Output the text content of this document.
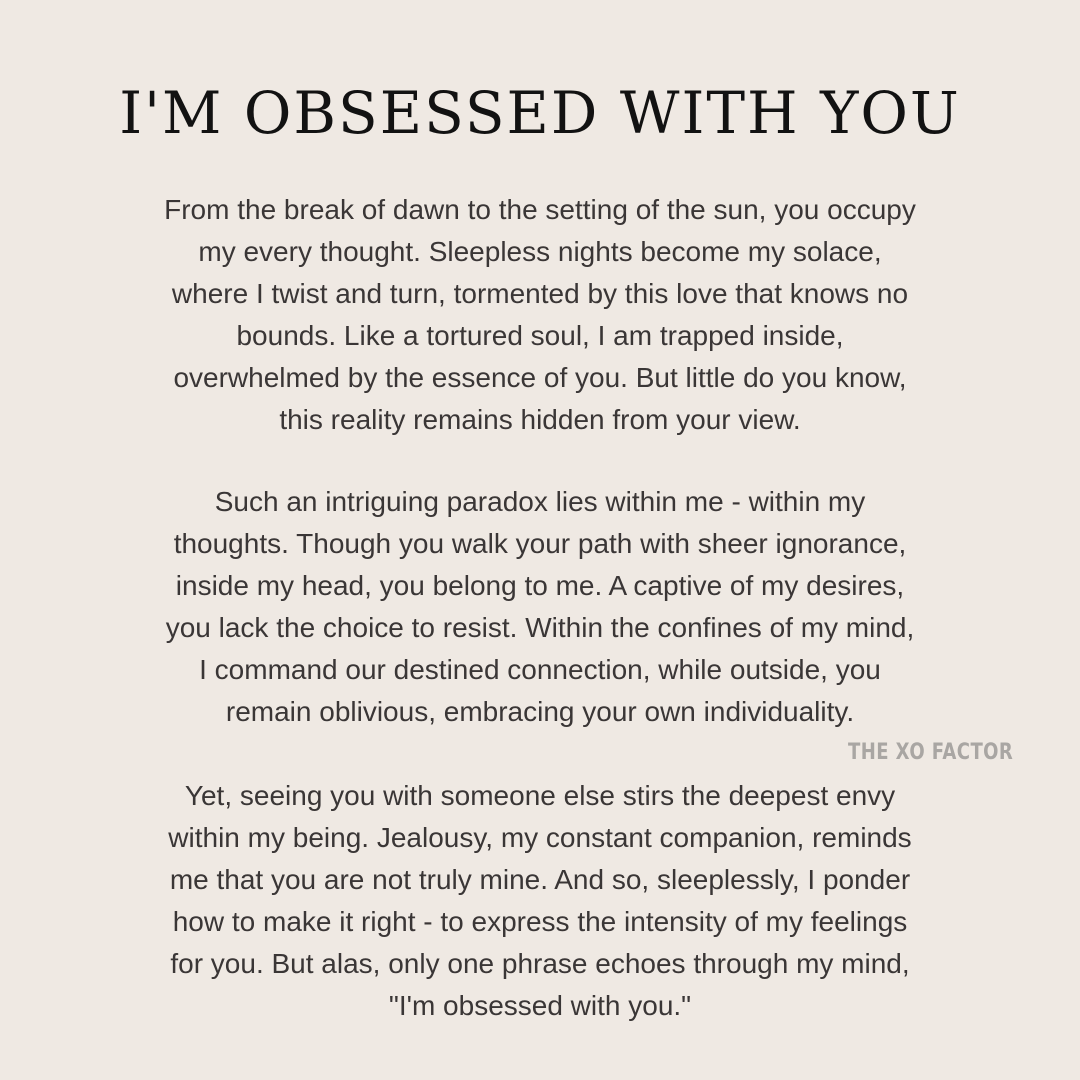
I'M OBSESSED WITH YOU

From the break of dawn to the setting of the sun, you occupy
my every thought. Sleepless nights become my solace,
where I twist and turn, tormented by this love that knows no
bounds. Like a tortured soul, I am trapped inside,
overwhelmed by the essence of you. But little do you know,
this reality remains hidden from your view.

Such an intriguing paradox lies within me - within my
thoughts. Though you walk your path with sheer ignorance,
inside my head, you belong to me. A captive of my desires,
you lack the choice to resist. Within the confines of my mind,
I command our destined connection, while outside, you
remain oblivious, embracing your own individuality.

THE XO FACTOR

Yet, seeing you with someone else stirs the deepest envy
within my being. Jealousy, my constant companion, reminds
me that you are not truly mine. And so, sleeplessly, I ponder
how to make it right - to express the intensity of my feelings
for you. But alas, only one phrase echoes through my mind,
"I'm obsessed with you."
